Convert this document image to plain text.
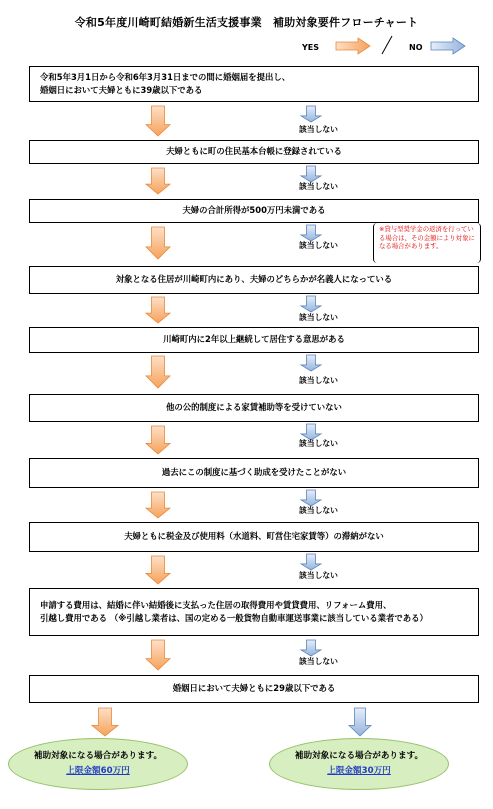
令和5年度川崎町結婚新生活支援事業　補助対象要件フローチャート
YES	NO
令和5年3月1日から令和6年3月31日までの間に婚姻届を提出し、
婚姻日において夫婦ともに39歳以下である
夫婦ともに町の住民基本台帳に登録されている
夫婦の合計所得が500万円未満である
対象となる住居が川崎町内にあり、夫婦のどちらかが名義人になっている
川崎町内に2年以上継続して居住する意思がある
他の公的制度による家賃補助等を受けていない
過去にこの制度に基づく助成を受けたことがない
夫婦ともに税金及び使用料（水道料、町営住宅家賃等）の滞納がない
申請する費用は、結婚に伴い結婚後に支払った住居の取得費用や賃貸費用、リフォーム費用、
引越し費用である （※引越し業者は、国の定める一般貨物自動車運送事業に該当している業者である）
婚姻日において夫婦ともに29歳以下である
※貸与型奨学金の返済を行っている場合は、その金額により対象になる場合があります。
補助対象になる場合があります。
上限金額60万円
補助対象になる場合があります。
上限金額30万円
該当しない
該当しない
該当しない
該当しない
該当しない
該当しない
該当しない
該当しない
該当しない
